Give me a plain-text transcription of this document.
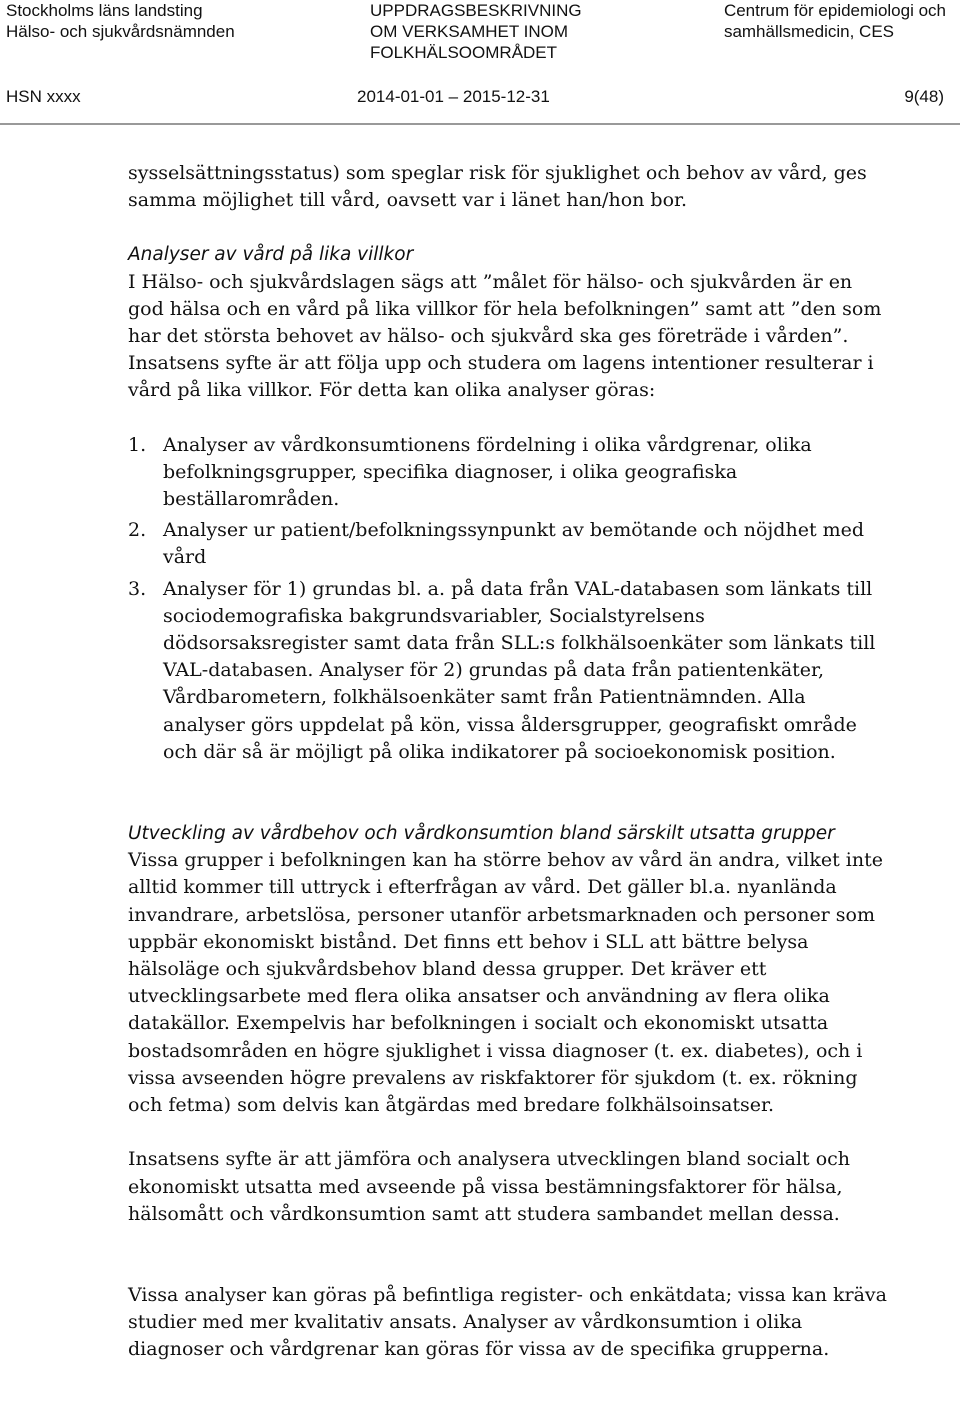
Stockholms läns landsting
Hälso- och sjukvårdsnämnden
UPPDRAGSBESKRIVNING
OM VERKSAMHET INOM
FOLKHÄLSOOMRÅDET
Centrum för epidemiologi och
samhällsmedicin, CES
HSN xxxx	2014-01-01 – 2015-12-31	9(48)

sysselsättningsstatus) som speglar risk för sjuklighet och behov av vård, ges samma möjlighet till vård, oavsett var i länet han/hon bor.

Analyser av vård på lika villkor

I Hälso- och sjukvårdslagen sägs att ”målet för hälso- och sjukvården är en god hälsa och en vård på lika villkor för hela befolkningen” samt att ”den som har det största behovet av hälso- och sjukvård ska ges företräde i vården”. Insatsens syfte är att följa upp och studera om lagens intentioner resulterar i vård på lika villkor. För detta kan olika analyser göras:

1. Analyser av vårdkonsumtionens fördelning i olika vårdgrenar, olika befolkningsgrupper, specifika diagnoser, i olika geografiska beställarområden.
2. Analyser ur patient/befolkningssynpunkt av bemötande och nöjdhet med vård
3. Analyser för 1) grundas bl. a. på data från VAL-databasen som länkats till sociodemografiska bakgrundsvariabler, Socialstyrelsens dödsorsaksregister samt data från SLL:s folkhälsoenkäter som länkats till VAL-databasen. Analyser för 2) grundas på data från patientenkäter, Vårdbarometern, folkhälsoenkäter samt från Patientnämnden. Alla analyser görs uppdelat på kön, vissa åldersgrupper, geografiskt område och där så är möjligt på olika indikatorer på socioekonomisk position.
Utveckling av vårdbehov och vårdkonsumtion bland särskilt utsatta grupper

Vissa grupper i befolkningen kan ha större behov av vård än andra, vilket inte alltid kommer till uttryck i efterfrågan av vård. Det gäller bl.a. nyanlända invandrare, arbetslösa, personer utanför arbetsmarknaden och personer som uppbär ekonomiskt bistånd. Det finns ett behov i SLL att bättre belysa hälsoläge och sjukvårdsbehov bland dessa grupper. Det kräver ett utvecklingsarbete med flera olika ansatser och användning av flera olika datakällor. Exempelvis har befolkningen i socialt och ekonomiskt utsatta bostadsområden en högre sjuklighet i vissa diagnoser (t. ex. diabetes), och i vissa avseenden högre prevalens av riskfaktorer för sjukdom (t. ex. rökning och fetma) som delvis kan åtgärdas med bredare folkhälsoinsatser.

Insatsens syfte är att jämföra och analysera utvecklingen bland socialt och ekonomiskt utsatta med avseende på vissa bestämningsfaktorer för hälsa, hälsomått och vårdkonsumtion samt att studera sambandet mellan dessa.

Vissa analyser kan göras på befintliga register- och enkätdata; vissa kan kräva studier med mer kvalitativ ansats. Analyser av vårdkonsumtion i olika diagnoser och vårdgrenar kan göras för vissa av de specifika grupperna.
